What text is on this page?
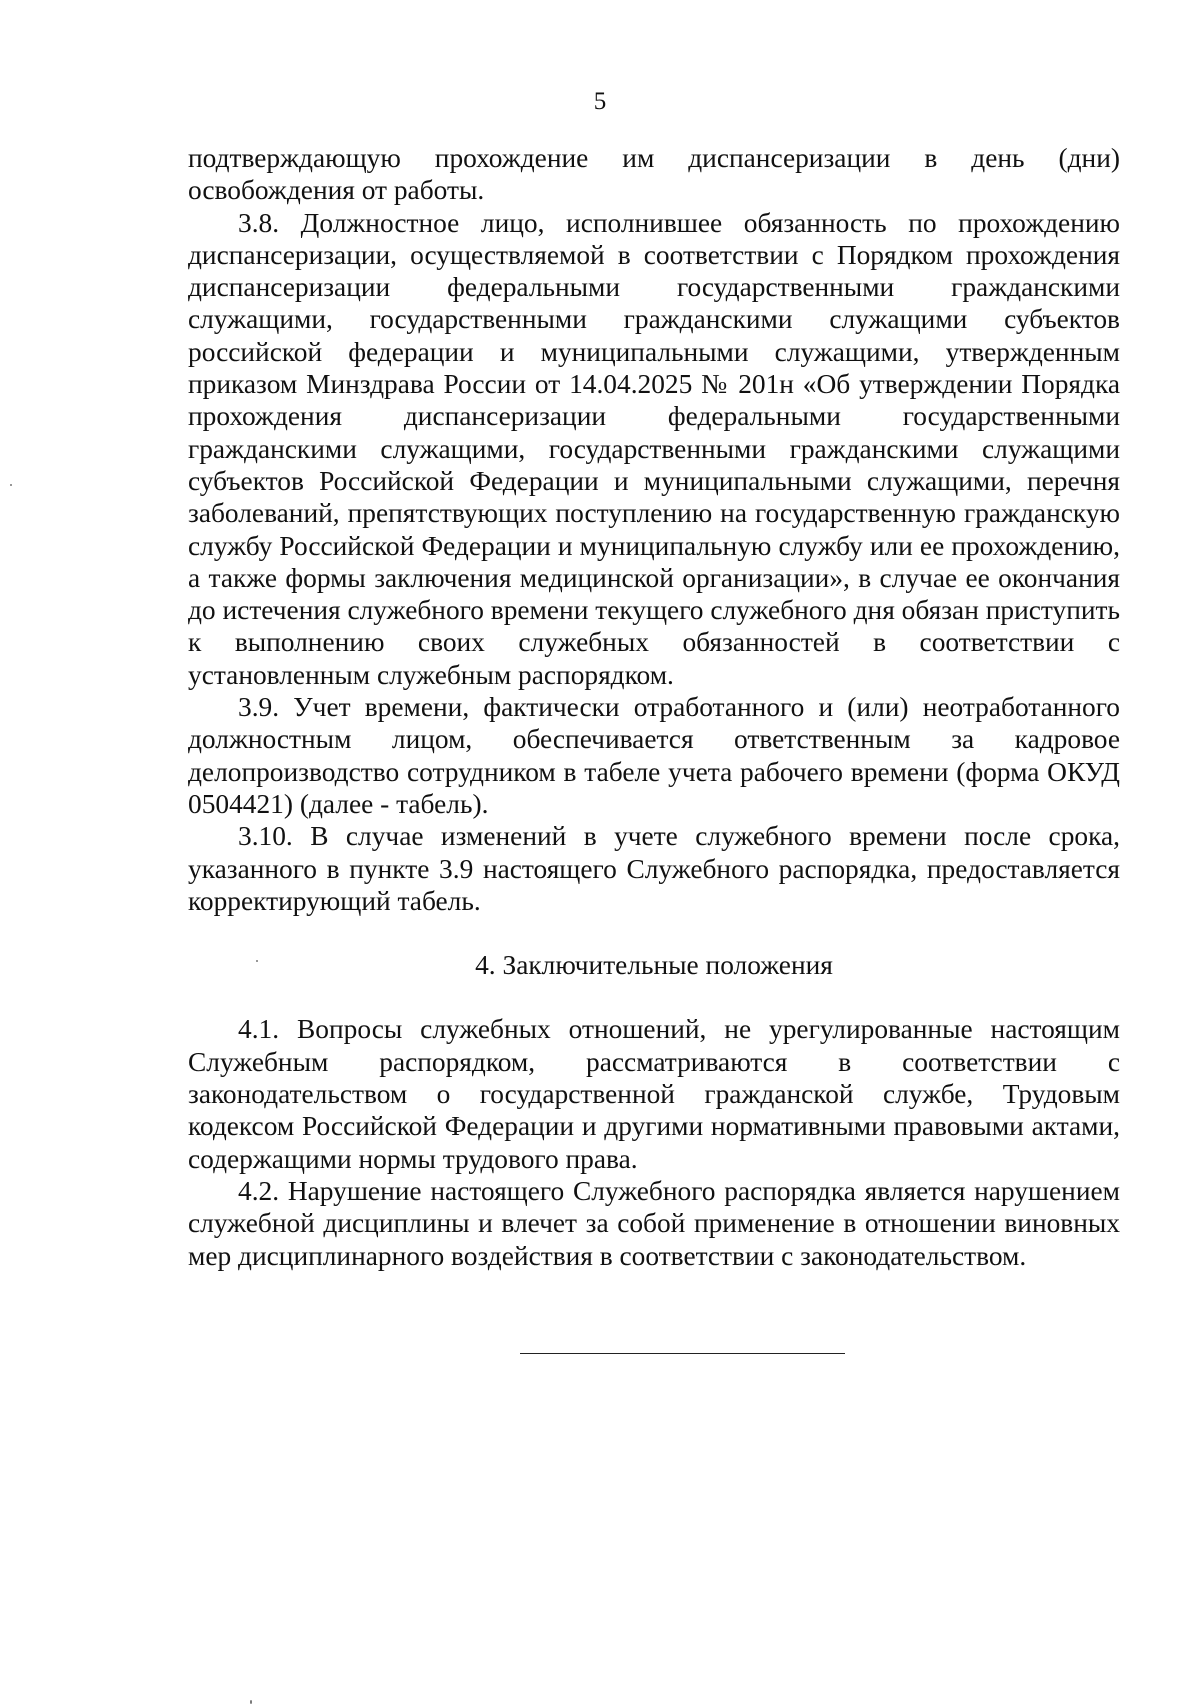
5

подтверждающую прохождение им диспансеризации в день (дни) освобождения от работы.

3.8. Должностное лицо, исполнившее обязанность по прохождению диспансеризации, осуществляемой в соответствии с Порядком прохождения диспансеризации федеральными государственными гражданскими служащими, государственными гражданскими служащими субъектов российской федерации и муниципальными служащими, утвержденным приказом Минздрава России от 14.04.2025 № 201н «Об утверждении Порядка прохождения диспансеризации федеральными государственными гражданскими служащими, государственными гражданскими служащими субъектов Российской Федерации и муниципальными служащими, перечня заболеваний, препятствующих поступлению на государственную гражданскую службу Российской Федерации и муниципальную службу или ее прохождению, а также формы заключения медицинской организации», в случае ее окончания до истечения служебного времени текущего служебного дня обязан приступить к выполнению своих служебных обязанностей в соответствии с установленным служебным распорядком.

3.9. Учет времени, фактически отработанного и (или) неотработанного должностным лицом, обеспечивается ответственным за кадровое делопроизводство сотрудником в табеле учета рабочего времени (форма ОКУД 0504421) (далее - табель).

3.10. В случае изменений в учете служебного времени после срока, указанного в пункте 3.9 настоящего Служебного распорядка, предоставляется корректирующий табель.

4. Заключительные положения

4.1. Вопросы служебных отношений, не урегулированные настоящим Служебным распорядком, рассматриваются в соответствии с законодательством о государственной гражданской службе, Трудовым кодексом Российской Федерации и другими нормативными правовыми актами, содержащими нормы трудового права.

4.2. Нарушение настоящего Служебного распорядка является нарушением служебной дисциплины и влечет за собой применение в отношении виновных мер дисциплинарного воздействия в соответствии с законодательством.
